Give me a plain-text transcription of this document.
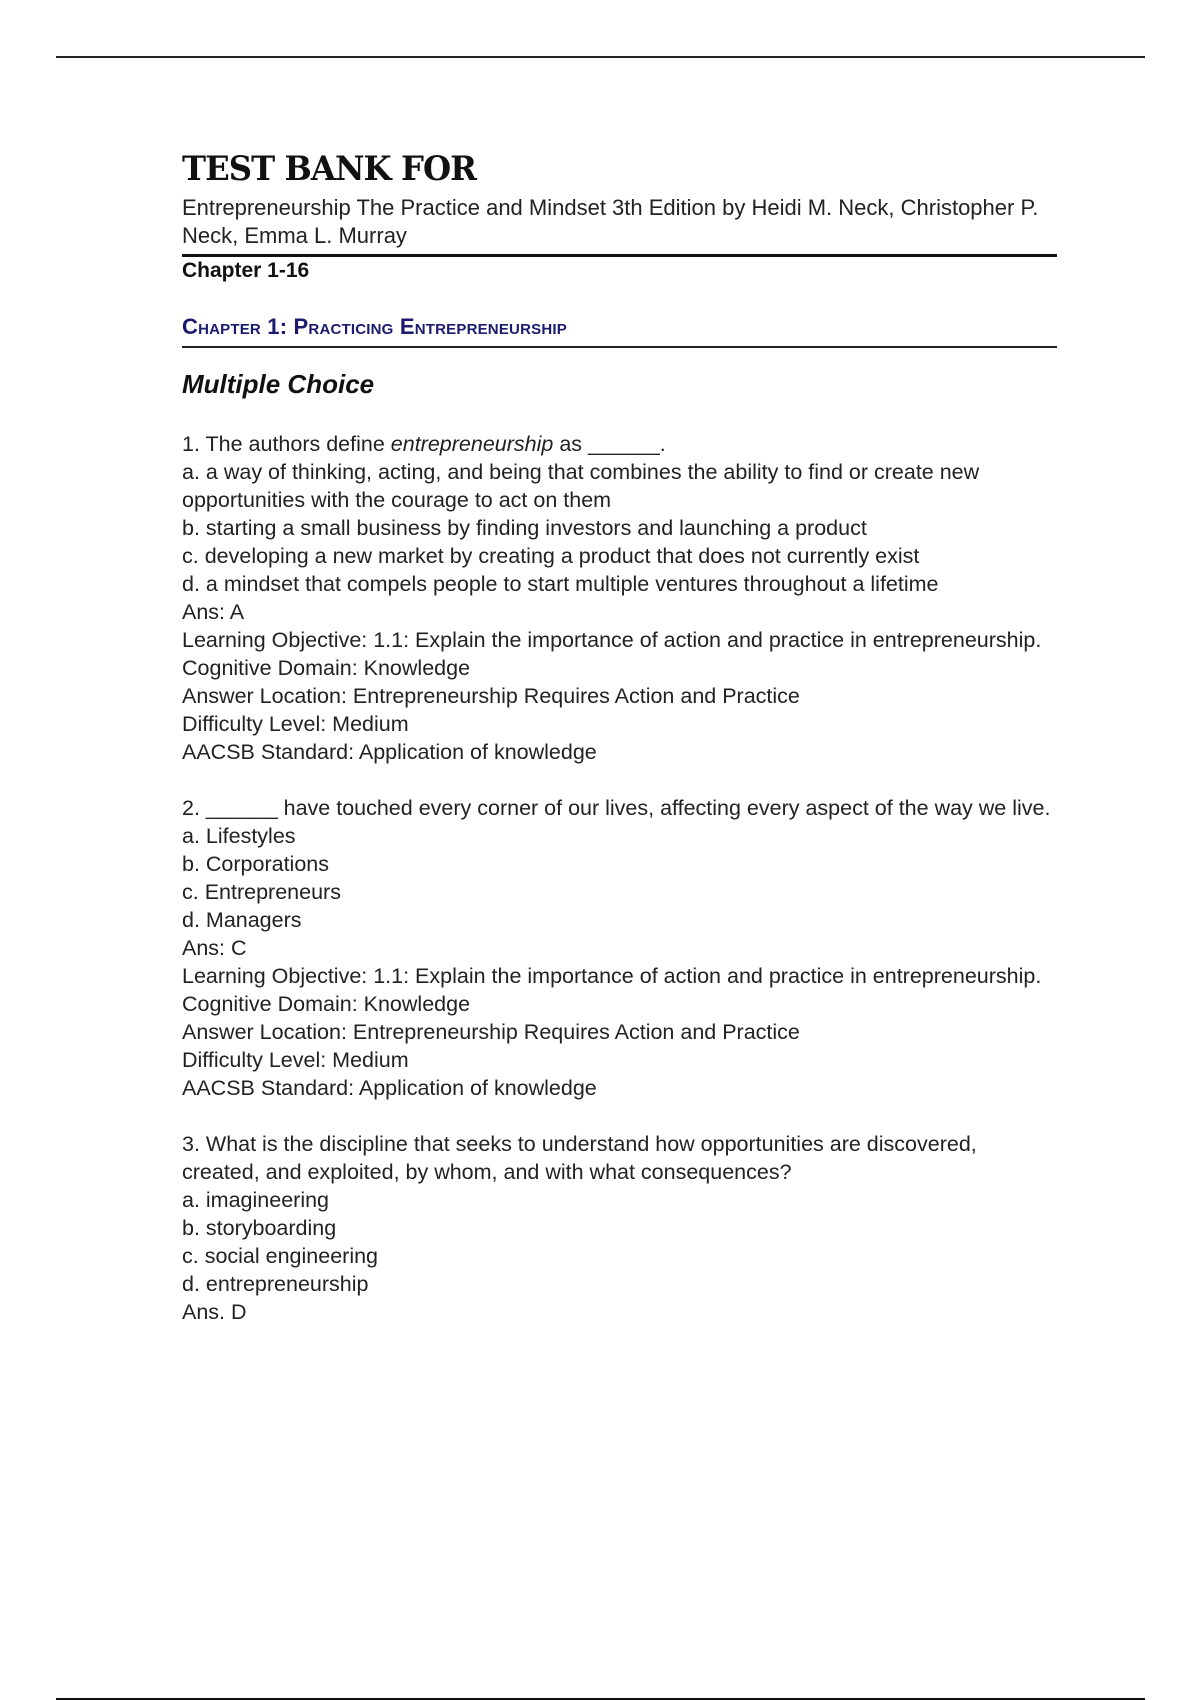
TEST BANK FOR
Entrepreneurship The Practice and Mindset 3th Edition by Heidi M. Neck, Christopher P. Neck, Emma L. Murray
Chapter 1-16
Chapter 1: Practicing Entrepreneurship
Multiple Choice
1. The authors define entrepreneurship as ______.
a. a way of thinking, acting, and being that combines the ability to find or create new opportunities with the courage to act on them
b. starting a small business by finding investors and launching a product
c. developing a new market by creating a product that does not currently exist
d. a mindset that compels people to start multiple ventures throughout a lifetime
Ans: A
Learning Objective: 1.1: Explain the importance of action and practice in entrepreneurship.
Cognitive Domain: Knowledge
Answer Location: Entrepreneurship Requires Action and Practice
Difficulty Level: Medium
AACSB Standard: Application of knowledge
2. ______ have touched every corner of our lives, affecting every aspect of the way we live.
a. Lifestyles
b. Corporations
c. Entrepreneurs
d. Managers
Ans: C
Learning Objective: 1.1: Explain the importance of action and practice in entrepreneurship.
Cognitive Domain: Knowledge
Answer Location: Entrepreneurship Requires Action and Practice
Difficulty Level: Medium
AACSB Standard: Application of knowledge
3. What is the discipline that seeks to understand how opportunities are discovered, created, and exploited, by whom, and with what consequences?
a. imagineering
b. storyboarding
c. social engineering
d. entrepreneurship
Ans. D
